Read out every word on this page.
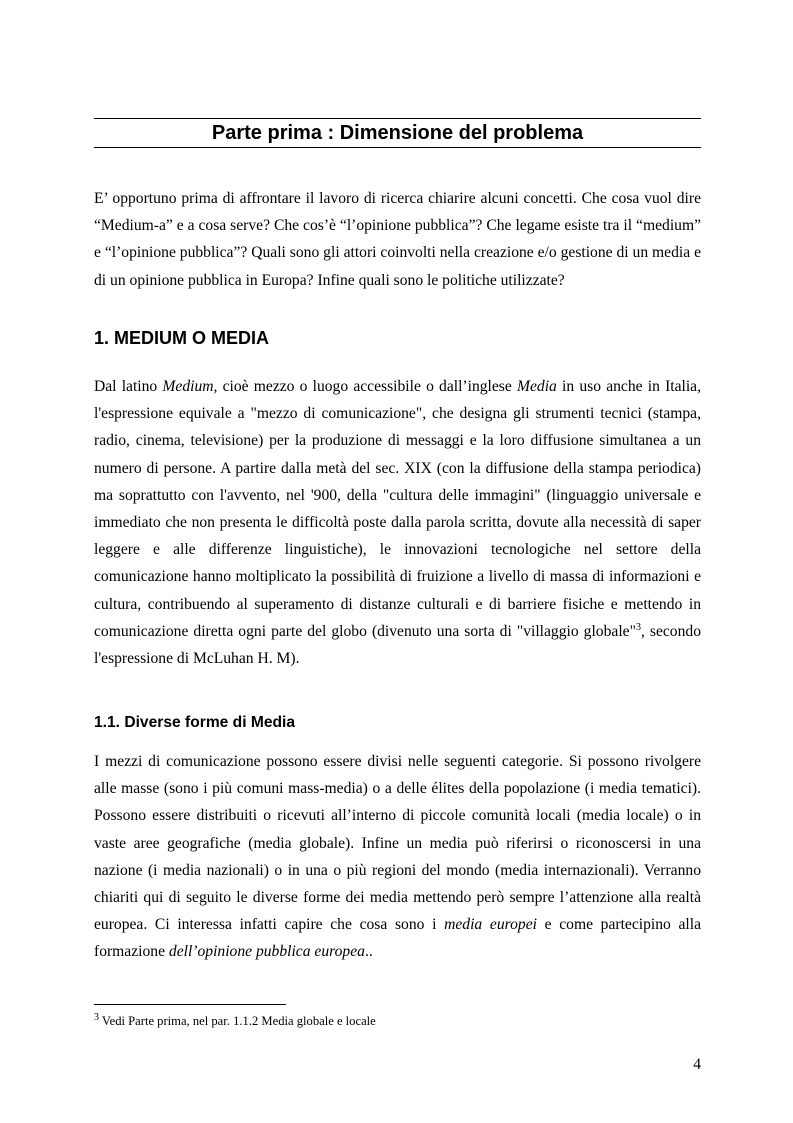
Parte prima : Dimensione del problema

E’ opportuno prima di affrontare il lavoro di ricerca chiarire alcuni concetti. Che cosa vuol dire “Medium-a” e a cosa serve? Che cos’è “l’opinione pubblica”? Che legame esiste tra il “medium” e “l’opinione pubblica”? Quali sono gli attori coinvolti nella creazione e/o gestione di un media e di un opinione pubblica in Europa? Infine quali sono le politiche utilizzate?

1. MEDIUM O MEDIA

Dal latino Medium, cioè mezzo o luogo accessibile o dall’inglese Media in uso anche in Italia, l'espressione equivale a "mezzo di comunicazione", che designa gli strumenti tecnici (stampa, radio, cinema, televisione) per la produzione di messaggi e la loro diffusione simultanea a un numero di persone. A partire dalla metà del sec. XIX (con la diffusione della stampa periodica) ma soprattutto con l'avvento, nel '900, della "cultura delle immagini" (linguaggio universale e immediato che non presenta le difficoltà poste dalla parola scritta, dovute alla necessità di saper leggere e alle differenze linguistiche), le innovazioni tecnologiche nel settore della comunicazione hanno moltiplicato la possibilità di fruizione a livello di massa di informazioni e cultura, contribuendo al superamento di distanze culturali e di barriere fisiche e mettendo in comunicazione diretta ogni parte del globo (divenuto una sorta di "villaggio globale"$^3$, secondo l'espressione di McLuhan H. M).

1.1. Diverse forme di Media

I mezzi di comunicazione possono essere divisi nelle seguenti categorie. Si possono rivolgere alle masse (sono i più comuni mass-media) o a delle élites della popolazione (i media tematici). Possono essere distribuiti o ricevuti all’interno di piccole comunità locali (media locale) o in vaste aree geografiche (media globale). Infine un media può riferirsi o riconoscersi in una nazione (i media nazionali) o in una o più regioni del mondo (media internazionali). Verranno chiariti qui di seguito le diverse forme dei media mettendo però sempre l’attenzione alla realtà europea. Ci interessa infatti capire che cosa sono i media europei e come partecipino alla formazione dell’opinione pubblica europea..

$^3$ Vedi Parte prima, nel par. 1.1.2 Media globale e locale
4
